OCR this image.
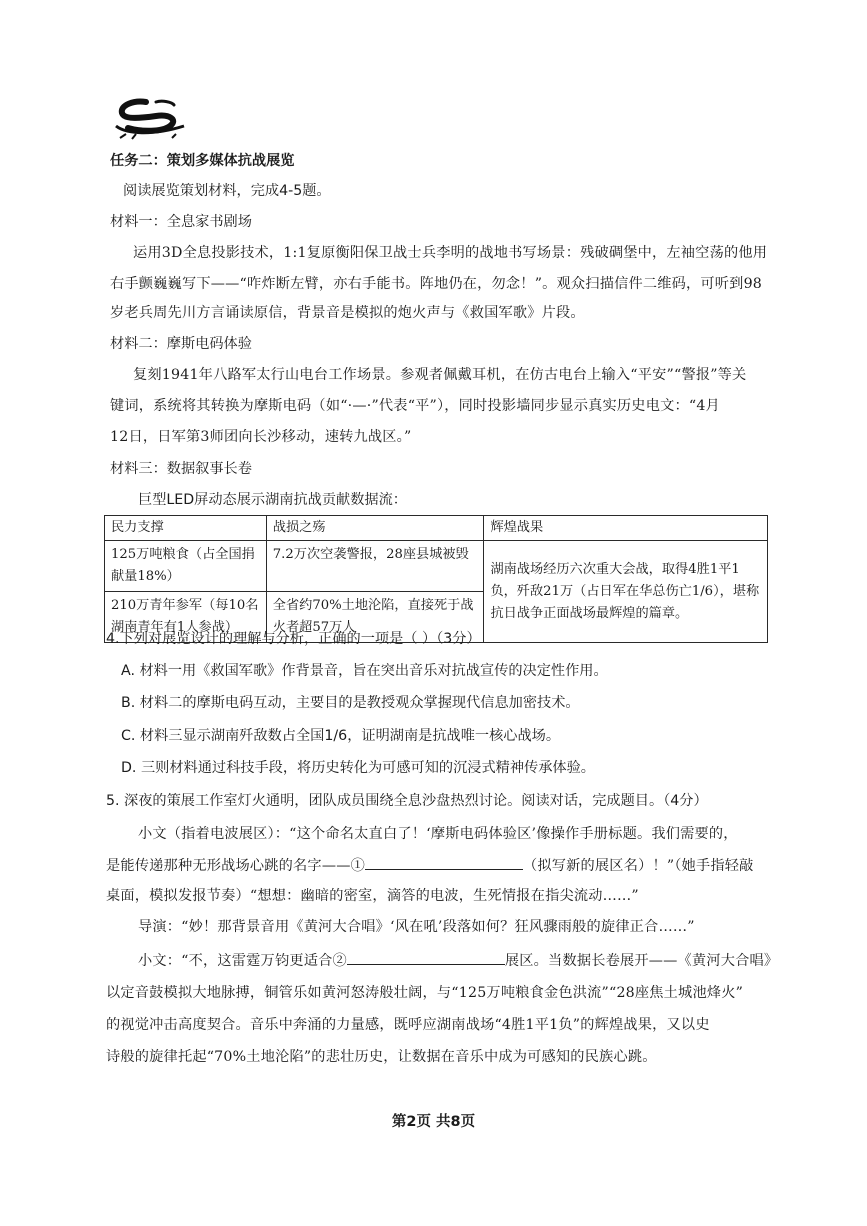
任务二：策划多媒体抗战展览
阅读展览策划材料，完成4-5题。
材料一：全息家书剧场
运用3D全息投影技术，1:1复原衡阳保卫战士兵李明的战地书写场景：残破碉堡中，左袖空荡的他用
右手颤巍巍写下——“咋炸断左臂，亦右手能书。阵地仍在，勿念！”。观众扫描信件二维码，可听到98
岁老兵周先川方言诵读原信，背景音是模拟的炮火声与《救国军歌》片段。
材料二：摩斯电码体验
复刻1941年八路军太行山电台工作场景。参观者佩戴耳机，在仿古电台上输入“平安”“警报”等关
键词，系统将其转换为摩斯电码（如“·—·”代表“平”），同时投影墙同步显示真实历史电文：“4月
12日，日军第3师团向长沙移动，速转九战区。”
材料三：数据叙事长卷
巨型LED屏动态展示湖南抗战贡献数据流：
民力支撑	战损之殇	辉煌战果
125万吨粮食（占全国捐献量18%）	7.2万次空袭警报，28座县城被毁	湖南战场经历六次重大会战，取得4胜1平1负，歼敌21万（占日军在华总伤亡1/6），堪称抗日战争正面战场最辉煌的篇章。
210万青年参军（每10名湖南青年有1人参战）	全省约70%土地沦陷，直接死于战火者超57万人	
4.下列对展览设计的理解与分析，正确的一项是（ ）（3分）
A. 材料一用《救国军歌》作背景音，旨在突出音乐对抗战宣传的决定性作用。
B. 材料二的摩斯电码互动，主要目的是教授观众掌握现代信息加密技术。
C. 材料三显示湖南歼敌数占全国1/6，证明湖南是抗战唯一核心战场。
D. 三则材料通过科技手段，将历史转化为可感可知的沉浸式精神传承体验。
5. 深夜的策展工作室灯火通明，团队成员围绕全息沙盘热烈讨论。阅读对话，完成题目。（4分）
小文（指着电波展区）：“这个命名太直白了！‘摩斯电码体验区’像操作手册标题。我们需要的，
是能传递那种无形战场心跳的名字——①	（拟写新的展区名）！”（她手指轻敲
桌面，模拟发报节奏）“想想：幽暗的密室，滴答的电波，生死情报在指尖流动……”
导演：“妙！那背景音用《黄河大合唱》‘风在吼’段落如何？狂风骤雨般的旋律正合……”
小文：“不，这雷霆万钧更适合②	展区。当数据长卷展开——《黄河大合唱》
以定音鼓模拟大地脉搏，铜管乐如黄河怒涛般壮阔，与“125万吨粮食金色洪流”“28座焦土城池烽火”
的视觉冲击高度契合。音乐中奔涌的力量感，既呼应湖南战场“4胜1平1负”的辉煌战果，又以史
诗般的旋律托起“70%土地沦陷”的悲壮历史，让数据在音乐中成为可感知的民族心跳。
第2页 共8页
